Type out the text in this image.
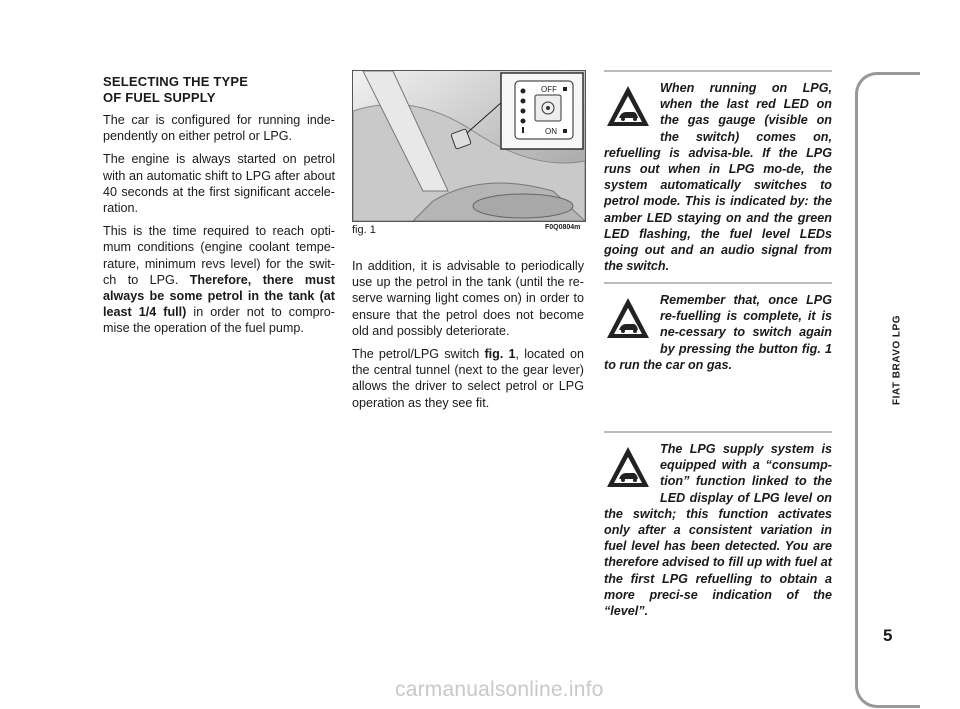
SELECTING THE TYPE
OF FUEL SUPPLY

The car is configured for running inde-pendently on either petrol or LPG.

The engine is always started on petrol with an automatic shift to LPG after about 40 seconds at the first significant accele-ration.

This is the time required to reach opti-mum conditions (engine coolant tempe-rature, minimum revs level) for the swit-ch to LPG. Therefore, there must always be some petrol in the tank (at least 1/4 full) in order not to compro-mise the operation of the fuel pump.

OFF
ON
fig. 1	F0Q0804m

In addition, it is advisable to periodically use up the petrol in the tank (until the re-serve warning light comes on) in order to ensure that the petrol does not become old and possibly deteriorate.

The petrol/LPG switch fig. 1, located on the central tunnel (next to the gear lever) allows the driver to select petrol or LPG operation as they see fit.

When running on LPG, when the last red LED on the gas gauge (visible on the switch) comes on, refuelling is advisa-ble. If the LPG runs out when in LPG mo-de, the system automatically switches to petrol mode. This is indicated by: the amber LED staying on and the green LED flashing, the fuel level LEDs going out and an audio signal from the switch.

Remember that, once LPG re-fuelling is complete, it is ne-cessary to switch again by pressing the button fig. 1 to run the car on gas.

The LPG supply system is equipped with a “consump-tion” function linked to the LED display of LPG level on the switch; this function activates only after a consistent variation in fuel level has been detected. You are therefore advised to fill up with fuel at the first LPG refuelling to obtain a more preci-se indication of the “level”.

FIAT BRAVO LPG
5
carmanualsonline.info
